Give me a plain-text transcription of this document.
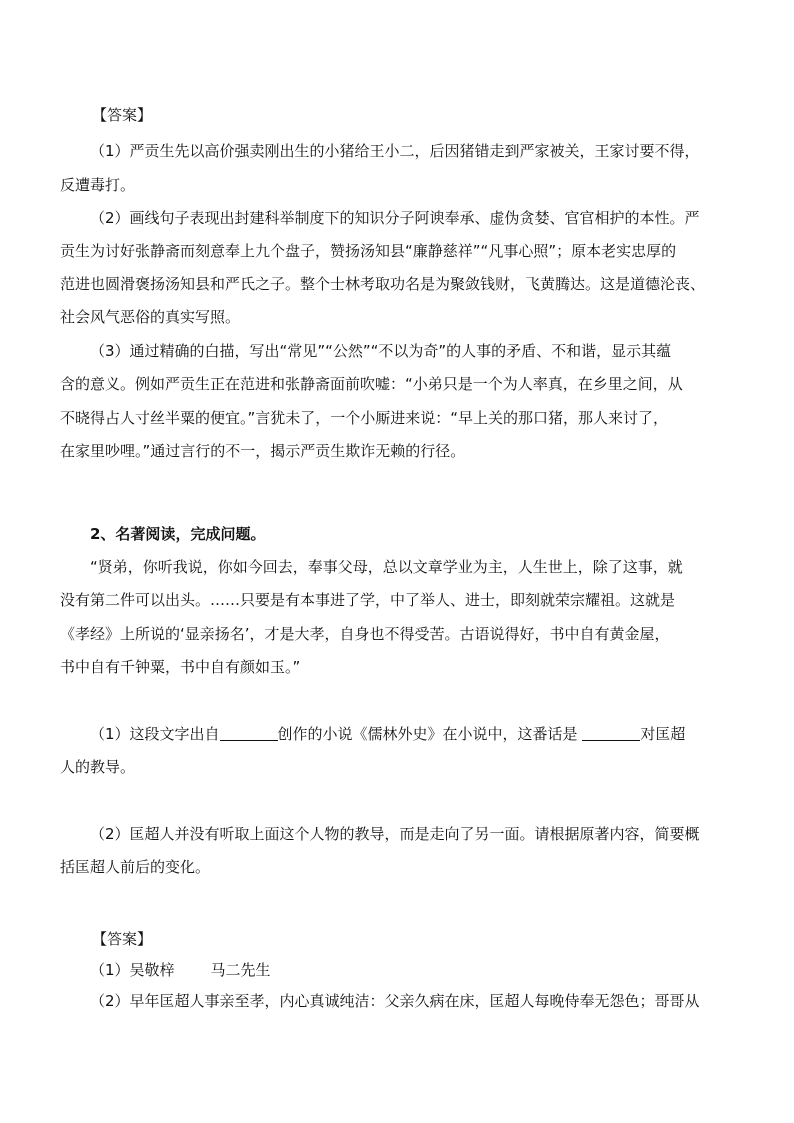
【答案】
（1）严贡生先以高价强卖刚出生的小猪给王小二，后因猪错走到严家被关，王家讨要不得，
反遭毒打。
（2）画线句子表现出封建科举制度下的知识分子阿谀奉承、虚伪贪婪、官官相护的本性。严
贡生为讨好张静斋而刻意奉上九个盘子，赞扬汤知县“廉静慈祥”“凡事心照”；原本老实忠厚的
范进也圆滑褒扬汤知县和严氏之子。整个士林考取功名是为聚敛钱财，飞黄腾达。这是道德沦丧、
社会风气恶俗的真实写照。
（3）通过精确的白描，写出“常见”“公然”“不以为奇”的人事的矛盾、不和谐，显示其蕴
含的意义。例如严贡生正在范进和张静斋面前吹嘘：“小弟只是一个为人率真，在乡里之间，从
不晓得占人寸丝半粟的便宜。”言犹未了，一个小厮进来说：“早上关的那口猪，那人来讨了，
在家里吵哩。”通过言行的不一，揭示严贡生欺诈无赖的行径。
2、名著阅读，完成问题。
“贤弟，你听我说，你如今回去，奉事父母，总以文章学业为主，人生世上，除了这事，就
没有第二件可以出头。……只要是有本事进了学，中了举人、进士，即刻就荣宗耀祖。这就是
《孝经》上所说的‘显亲扬名’，才是大孝，自身也不得受苦。古语说得好，书中自有黄金屋，
书中自有千钟粟，书中自有颜如玉。”
（1）这段文字出自	创作的小说《儒林外史》在小说中，这番话是	对匡超
人的教导。
（2）匡超人并没有听取上面这个人物的教导，而是走向了另一面。请根据原著内容，简要概
括匡超人前后的变化。
【答案】
（1）吴敬梓 马二先生
（2）早年匡超人事亲至孝，内心真诚纯洁：父亲久病在床，匡超人每晚侍奉无怨色；哥哥从
